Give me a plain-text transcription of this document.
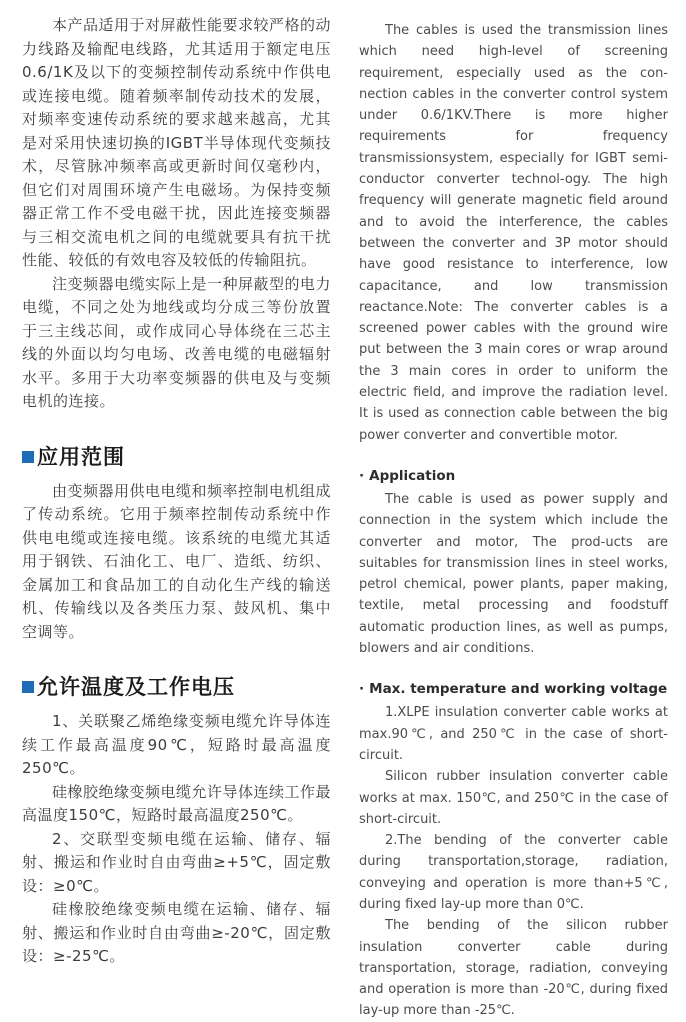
本产品适用于对屏蔽性能要求较严格的动力线路及输配电线路，尤其适用于额定电压0.6/1K及以下的变频控制传动系统中作供电或连接电缆。随着频率制传动技术的发展，对频率变速传动系统的要求越来越高，尤其是对采用快速切换的IGBT半导体现代变频技术，尽管脉冲频率高或更新时间仅毫秒内，但它们对周围环境产生电磁场。为保持变频器正常工作不受电磁干扰，因此连接变频器与三相交流电机之间的电缆就要具有抗干扰性能、较低的有效电容及较低的传输阻抗。

注变频器电缆实际上是一种屏蔽型的电力电缆，不同之处为地线或均分成三等份放置于三主线芯间，或作成同心导体绕在三芯主线的外面以均匀电场、改善电缆的电磁辐射水平。多用于大功率变频器的供电及与变频电机的连接。

应用范围

由变频器用供电电缆和频率控制电机组成了传动系统。它用于频率控制传动系统中作供电电缆或连接电缆。该系统的电缆尤其适用于钢铁、石油化工、电厂、造纸、纺织、金属加工和食品加工的自动化生产线的输送机、传输线以及各类压力泵、鼓风机、集中空调等。

允许温度及工作电压

1、关联聚乙烯绝缘变频电缆允许导体连续工作最高温度90℃，短路时最高温度250℃。

硅橡胶绝缘变频电缆允许导体连续工作最高温度150℃，短路时最高温度250℃。

2、交联型变频电缆在运输、储存、辐射、搬运和作业时自由弯曲≥+5℃，固定敷设：≥0℃。

硅橡胶绝缘变频电缆在运输、储存、辐射、搬运和作业时自由弯曲≥-20℃，固定敷设：≥-25℃。

The cables is used the transmission lines which need high-level of screening requirement, especially used as the con-nection cables in the converter control system under 0.6/1KV.There is more higher requirements for frequency transmissionsystem, especially for IGBT semi-conductor converter technol-ogy. The high frequency will generate magnetic field around and to avoid the interference, the cables between the converter and 3P motor should have good resistance to interference, low capacitance, and low transmission reactance.Note: The converter cables is a screened power cables with the ground wire put between the 3 main cores or wrap around the 3 main cores in order to uniform the electric field, and improve the radiation level. It is used as connection cable between the big power converter and convertible motor.

· Application

The cable is used as power supply and connection in the system which include the converter and motor, The prod-ucts are suitables for transmission lines in steel works, petrol chemical, power plants, paper making, textile, metal processing and foodstuff automatic production lines, as well as pumps, blowers and air conditions.

· Max. temperature and working voltage

1.XLPE insulation converter cable works at max.90℃, and 250℃ in the case of short-circuit.

Silicon rubber insulation converter cable works at max. 150℃, and 250℃ in the case of short-circuit.

2.The bending of the converter cable during transportation,storage, radiation, conveying and operation is more than+5℃, during fixed lay-up more than 0℃.

The bending of the silicon rubber insulation converter cable during transportation, storage, radiation, conveying and operation is more than -20℃, during fixed lay-up more than -25℃.
